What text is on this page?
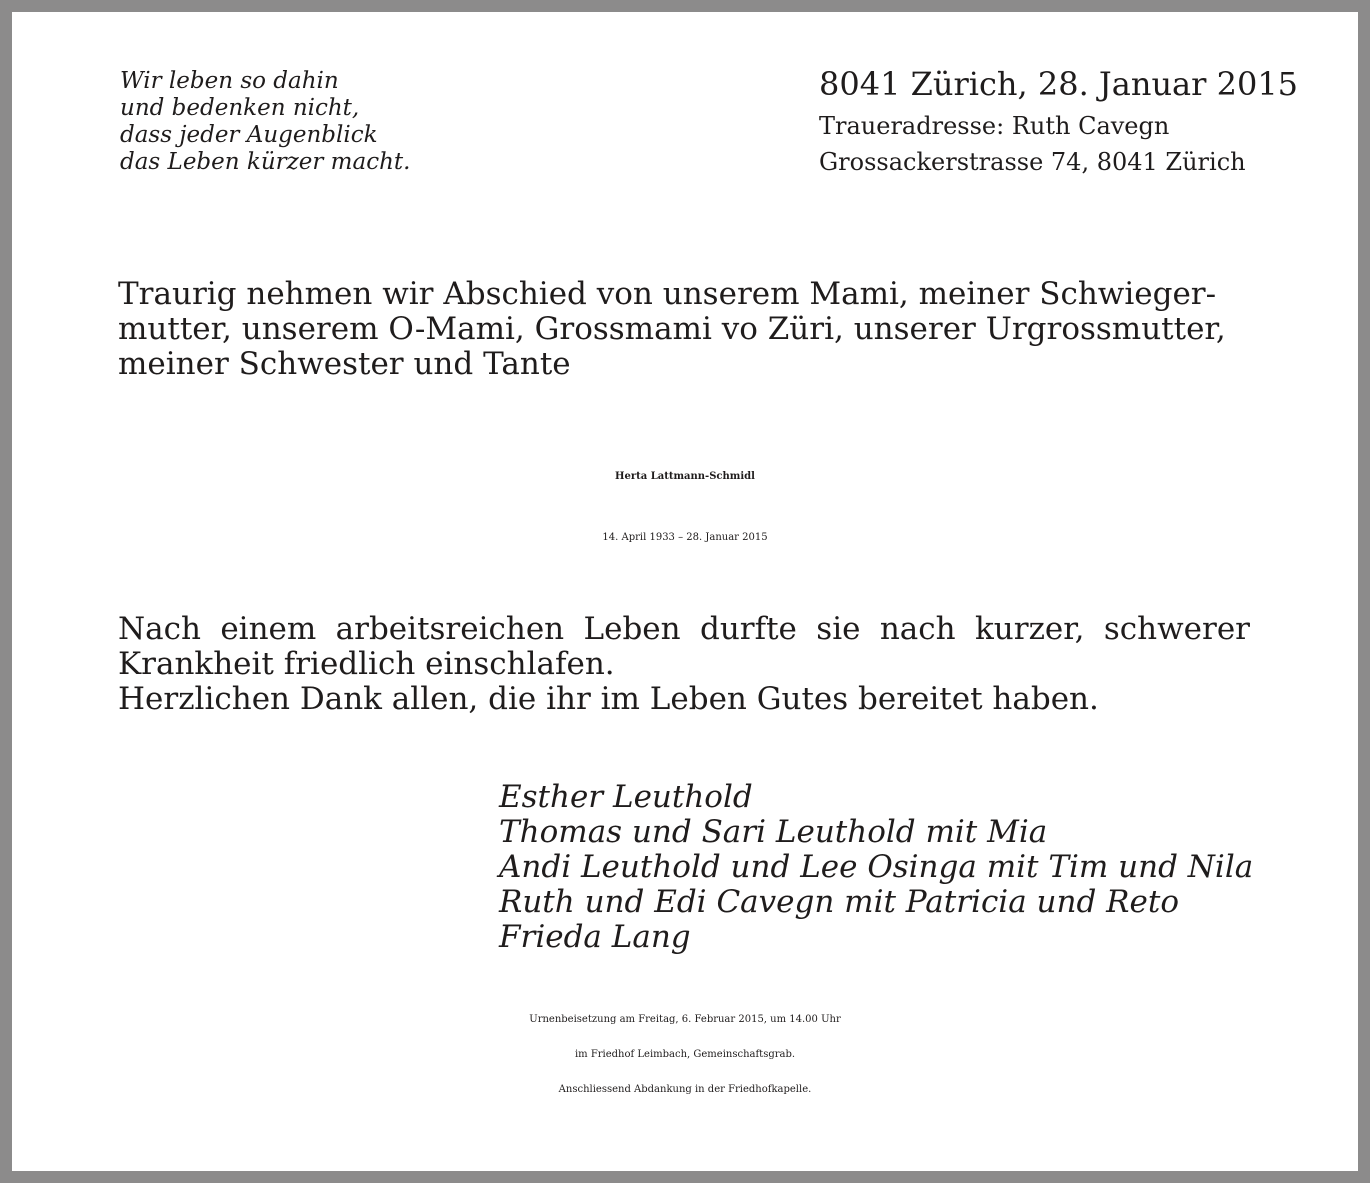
Wir leben so dahin
und bedenken nicht,
dass jeder Augenblick
das Leben kürzer macht.
8041 Zürich, 28. Januar 2015
Traueradresse: Ruth Cavegn
Grossackerstrasse 74, 8041 Zürich
Traurig nehmen wir Abschied von unserem Mami, meiner Schwieger-
mutter, unserem O-Mami, Grossmami vo Züri, unserer Urgrossmutter,
meiner Schwester und Tante
Herta Lattmann-Schmidl
14. April 1933 – 28. Januar 2015
Nach einem arbeitsreichen Leben durfte sie nach kurzer, schwerer
Krankheit friedlich einschlafen.
Herzlichen Dank allen, die ihr im Leben Gutes bereitet haben.
Esther Leuthold
Thomas und Sari Leuthold mit Mia
Andi Leuthold und Lee Osinga mit Tim und Nila
Ruth und Edi Cavegn mit Patricia und Reto
Frieda Lang
Urnenbeisetzung am Freitag, 6. Februar 2015, um 14.00 Uhr
im Friedhof Leimbach, Gemeinschaftsgrab.
Anschliessend Abdankung in der Friedhofkapelle.
